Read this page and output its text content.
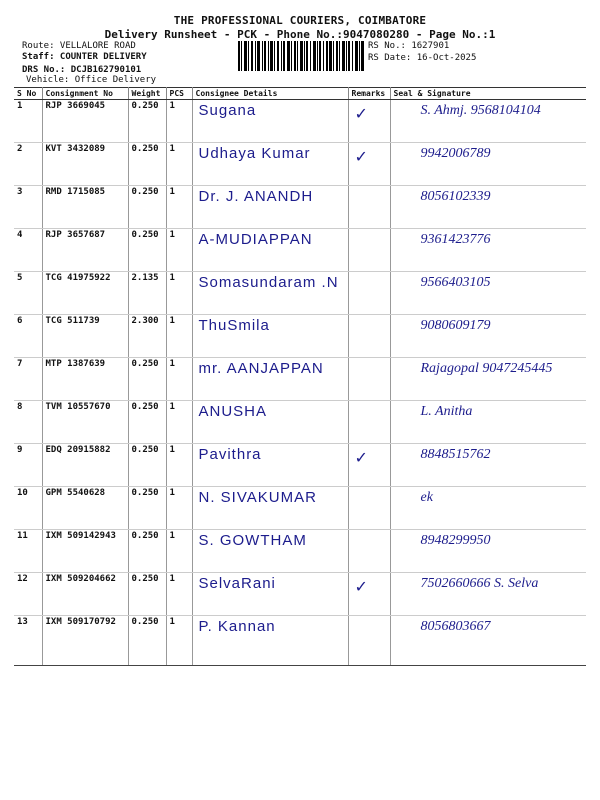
THE PROFESSIONAL COURIERS, COIMBATORE
Delivery Runsheet - PCK - Phone No.:9047080280 - Page No.:1
Route: VELLALORE ROAD
Staff: COUNTER DELIVERY
DRS No.: DCJB162790101
Vehicle: Office Delivery
RS No.: 1627901
RS Date: 16-Oct-2025
S No	Consignment No	Weight	PCS	Consignee Details	Remarks	Seal & Signature
1	RJP 3669045	0.250	1	Sugana	✓	S. Ahmj. 9568104104

2	KVT 3432089	0.250	1	Udhaya Kumar	✓	9942006789

3	RMD 1715085	0.250	1	Dr. J. ANANDH		8056102339

4	RJP 3657687	0.250	1	A-MUDIAPPAN		9361423776

5	TCG 41975922	2.135	1	Somasundaram .N		9566403105

6	TCG 511739	2.300	1	ThuSmila		9080609179

7	MTP 1387639	0.250	1	mr. AANJAPPAN		Rajagopal 9047245445

8	TVM 10557670	0.250	1	ANUSHA		L. Anitha

9	EDQ 20915882	0.250	1	Pavithra	✓	8848515762

10	GPM 5540628	0.250	1	N. SIVAKUMAR		ek

11	IXM 509142943	0.250	1	S. GOWTHAM		8948299950

12	IXM 509204662	0.250	1	SelvaRani	✓	7502660666 S. Selva

13	IXM 509170792	0.250	1	P. Kannan		8056803667
